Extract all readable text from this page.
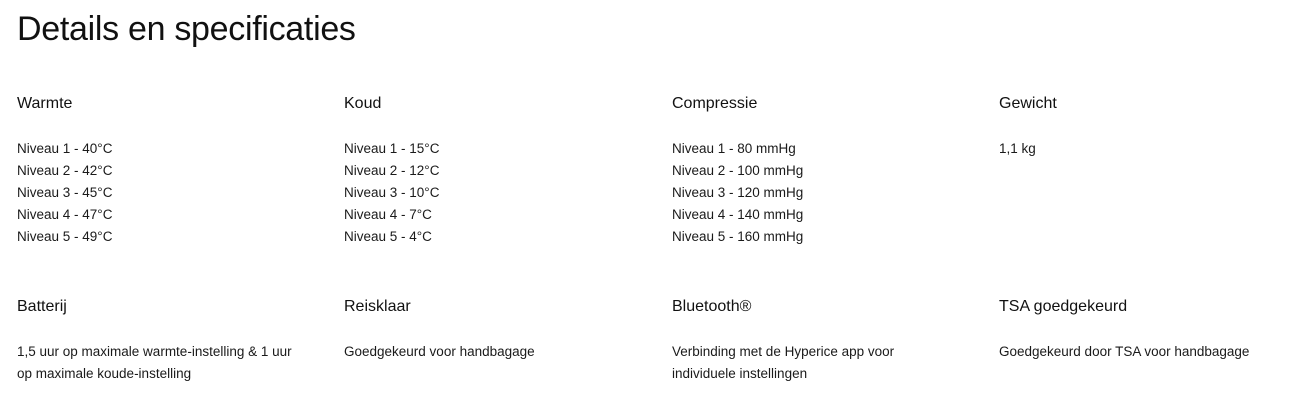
Details en specificaties
Warmte
Niveau 1 - 40°C
Niveau 2 - 42°C
Niveau 3 - 45°C
Niveau 4 - 47°C
Niveau 5 - 49°C
Koud
Niveau 1 - 15°C
Niveau 2 - 12°C
Niveau 3 - 10°C
Niveau 4 - 7°C
Niveau 5 - 4°C
Compressie
Niveau 1 - 80 mmHg
Niveau 2 - 100 mmHg
Niveau 3 - 120 mmHg
Niveau 4 - 140 mmHg
Niveau 5 - 160 mmHg
Gewicht
1,1 kg
Batterij
1,5 uur op maximale warmte-instelling & 1 uur
op maximale koude-instelling
Reisklaar
Goedgekeurd voor handbagage
Bluetooth®
Verbinding met de Hyperice app voor
individuele instellingen
TSA goedgekeurd
Goedgekeurd door TSA voor handbagage
